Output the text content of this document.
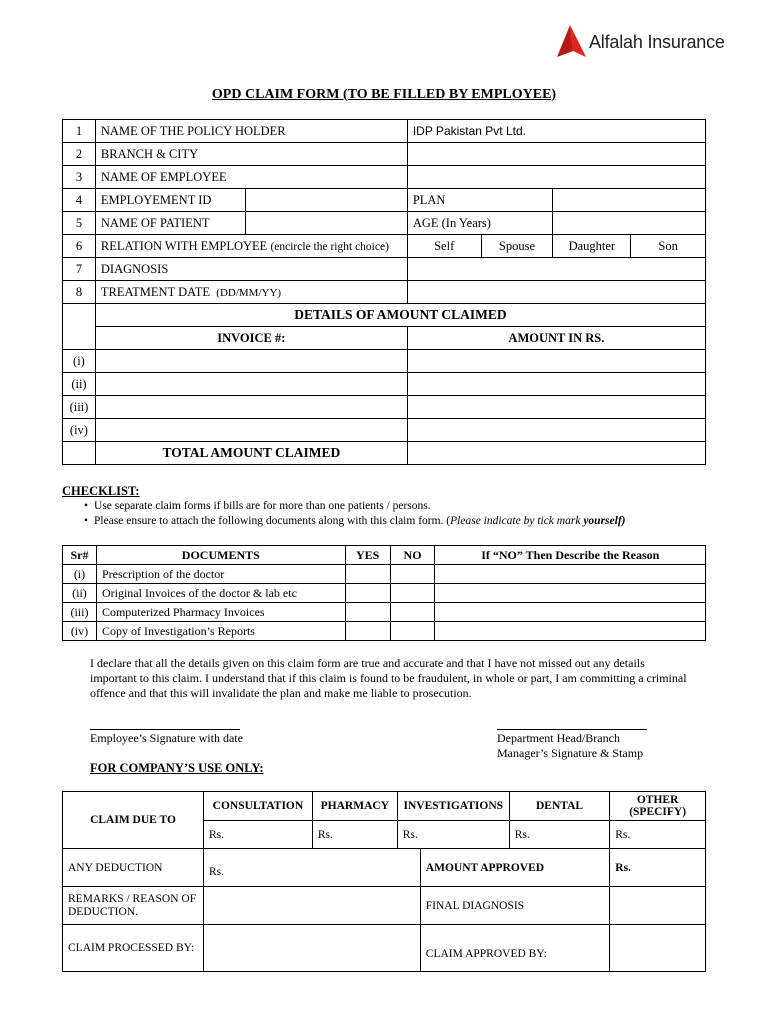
Alfalah Insurance
OPD CLAIM FORM (TO BE FILLED BY EMPLOYEE)
1	NAME OF THE POLICY HOLDER		IDP Pakistan Pvt Ltd.			
2	BRANCH & CITY					
3	NAME OF EMPLOYEE					
4	EMPLOYEMENT ID		PLAN			
5	NAME OF PATIENT		AGE (In Years)			
6	RELATION WITH EMPLOYEE (encircle the right choice)		Self	Spouse	Daughter	Son
7	DIAGNOSIS					
8	TREATMENT DATE (DD/MM/YY)					
	DETAILS OF AMOUNT CLAIMED					
	INVOICE #:		AMOUNT IN RS.			
(i)						
(ii)						
(iii)						
(iv)						
	TOTAL AMOUNT CLAIMED					
CHECKLIST:
• Use separate claim forms if bills are for more than one patients / persons.
• Please ensure to attach the following documents along with this claim form. (Please indicate by tick mark yourself)
Sr#	DOCUMENTS	YES	NO	If “NO” Then Describe the Reason
(i)	Prescription of the doctor			
(ii)	Original Invoices of the doctor & lab etc			
(iii)	Computerized Pharmacy Invoices			
(iv)	Copy of Investigation’s Reports			
I declare that all the details given on this claim form are true and accurate and that I have not missed out any details important to this claim. I understand that if this claim is found to be fraudulent, in whole or part, I am committing a criminal offence and that this will invalidate the plan and make me liable to prosecution.
Employee’s Signature with date	Department Head/Branch
Manager’s Signature & Stamp
FOR COMPANY’S USE ONLY:
CLAIM DUE TO	CONSULTATION	PHARMACY	INVESTIGATIONS		DENTAL	OTHER
(SPECIFY)

	Rs.	Rs.	Rs.		Rs.	Rs.
ANY DEDUCTION	Rs.			AMOUNT APPROVED		Rs.

REMARKS / REASON OF
DEDUCTION.				FINAL DIAGNOSIS		
CLAIM PROCESSED BY:				CLAIM APPROVED BY:		
